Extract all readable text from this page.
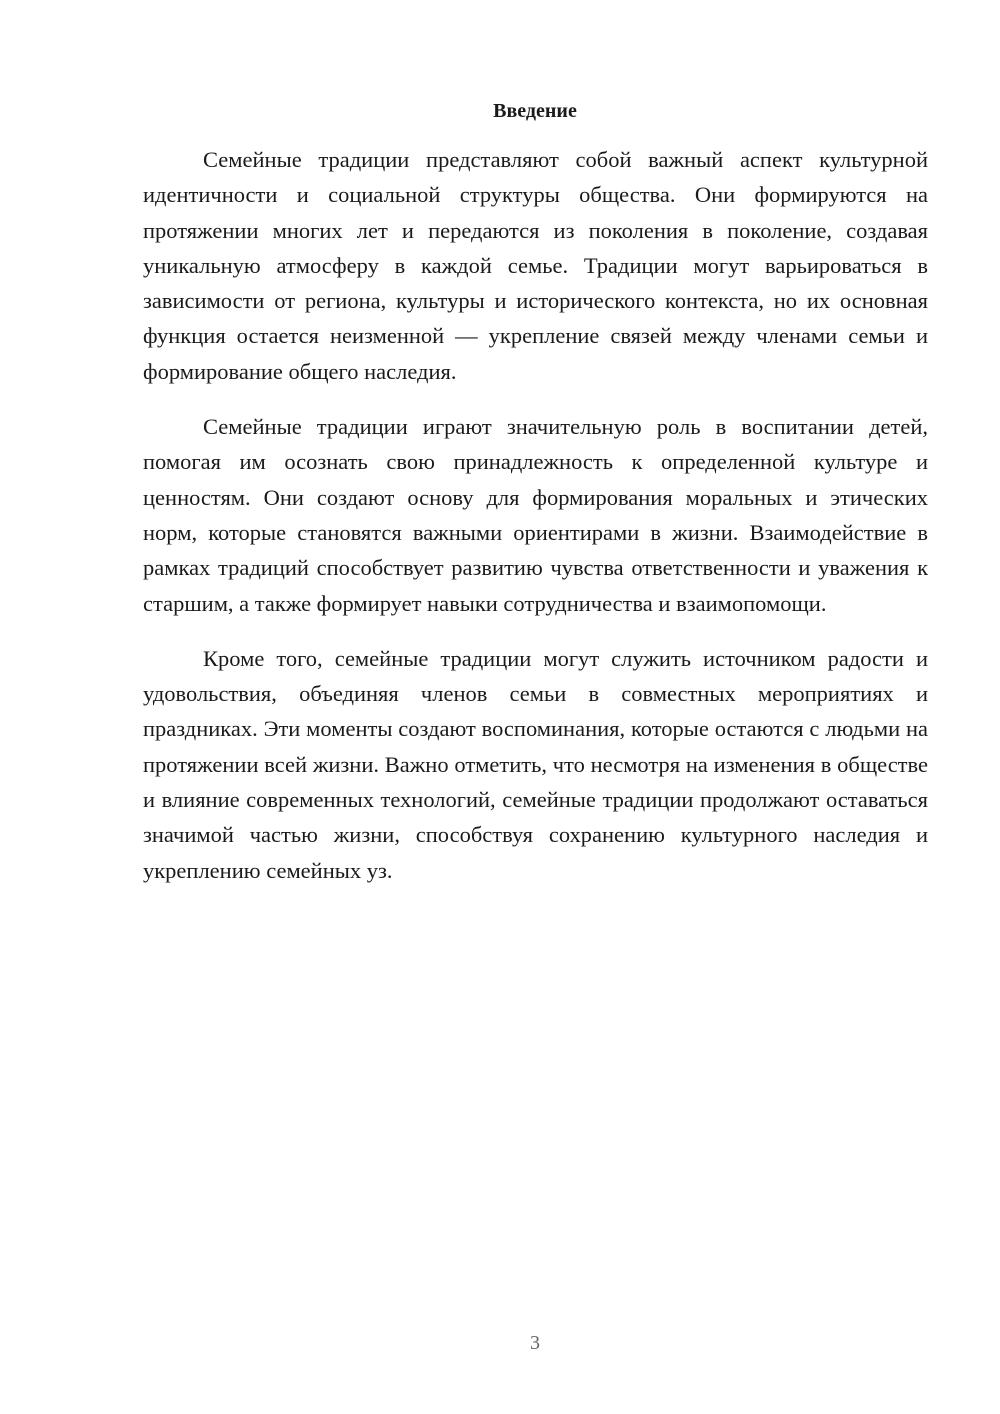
Введение

Семейные традиции представляют собой важный аспект культурной идентичности и социальной структуры общества. Они формируются на протяжении многих лет и передаются из поколения в поколение, создавая уникальную атмосферу в каждой семье. Традиции могут варьироваться в зависимости от региона, культуры и исторического контекста, но их основная функция остается неизменной — укрепление связей между членами семьи и формирование общего наследия.

Семейные традиции играют значительную роль в воспитании детей, помогая им осознать свою принадлежность к определенной культуре и ценностям. Они создают основу для формирования моральных и этических норм, которые становятся важными ориентирами в жизни. Взаимодействие в рамках традиций способствует развитию чувства ответственности и уважения к старшим, а также формирует навыки сотрудничества и взаимопомощи.

Кроме того, семейные традиции могут служить источником радости и удовольствия, объединяя членов семьи в совместных мероприятиях и праздниках. Эти моменты создают воспоминания, которые остаются с людьми на протяжении всей жизни. Важно отметить, что несмотря на изменения в обществе и влияние современных технологий, семейные традиции продолжают оставаться значимой частью жизни, способствуя сохранению культурного наследия и укреплению семейных уз.

3
